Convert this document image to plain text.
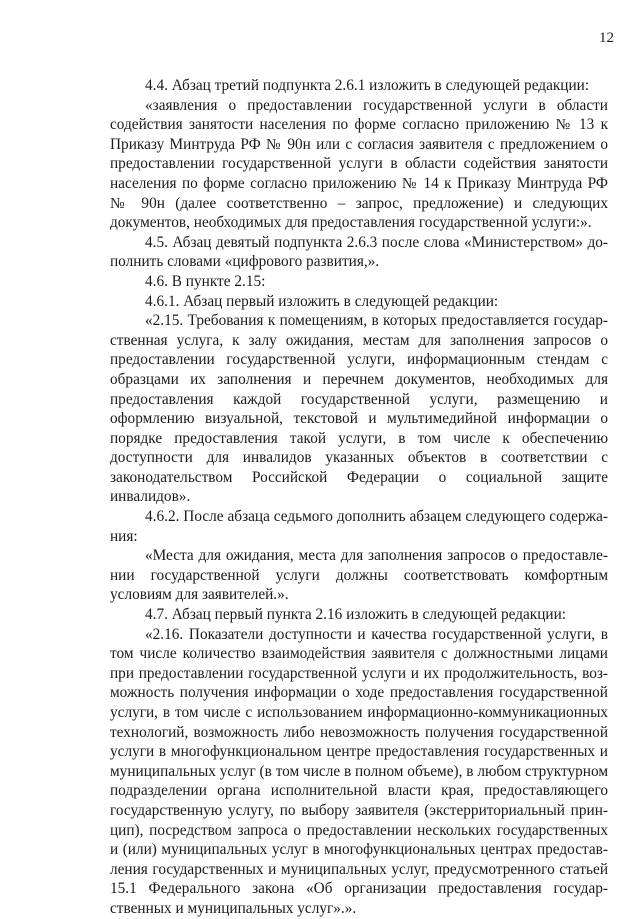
12

4.4. Абзац третий подпункта 2.6.1 изложить в следующей редакции:

«заявления о предоставлении государственной услуги в области содействия занятости населения по форме согласно приложению № 13 к Приказу Минтруда РФ № 90н или с согласия заявителя с предложением о предоставлении государственной услуги в области содействия занятости населения по форме согласно приложению № 14 к Приказу Минтруда РФ № 90н (далее соответственно – запрос, предложение) и следующих документов, необходимых для предоставления государственной услуги:».

4.5. Абзац девятый подпункта 2.6.3 после слова «Министерством» дополнить словами «цифрового развития,».

4.6. В пункте 2.15:

4.6.1. Абзац первый изложить в следующей редакции:

«2.15. Требования к помещениям, в которых предоставляется государственная услуга, к залу ожидания, местам для заполнения запросов о предоставлении государственной услуги, информационным стендам с образцами их заполнения и перечнем документов, необходимых для предоставления каждой государственной услуги, размещению и оформлению визуальной, текстовой и мультимедийной информации о порядке предоставления такой услуги, в том числе к обеспечению доступности для инвалидов указанных объектов в соответствии с законодательством Российской Федерации о социальной защите инвалидов».

4.6.2. После абзаца седьмого дополнить абзацем следующего содержания:

«Места для ожидания, места для заполнения запросов о предоставлении государственной услуги должны соответствовать комфортным условиям для заявителей.».

4.7. Абзац первый пункта 2.16 изложить в следующей редакции:

«2.16. Показатели доступности и качества государственной услуги, в том числе количество взаимодействия заявителя с должностными лицами при предоставлении государственной услуги и их продолжительность, возможность получения информации о ходе предоставления государственной услуги, в том числе с использованием информационно-коммуникационных технологий, возможность либо невозможность получения государственной услуги в многофункциональном центре предоставления государственных и муниципальных услуг (в том числе в полном объеме), в любом структурном подразделении органа исполнительной власти края, предоставляющего государственную услугу, по выбору заявителя (экстерриториальный принцип), посредством запроса о предоставлении нескольких государственных и (или) муниципальных услуг в многофункциональных центрах предоставления государственных и муниципальных услуг, предусмотренного статьей 15.1 Федерального закона «Об организации предоставления государственных и муниципальных услуг».».
